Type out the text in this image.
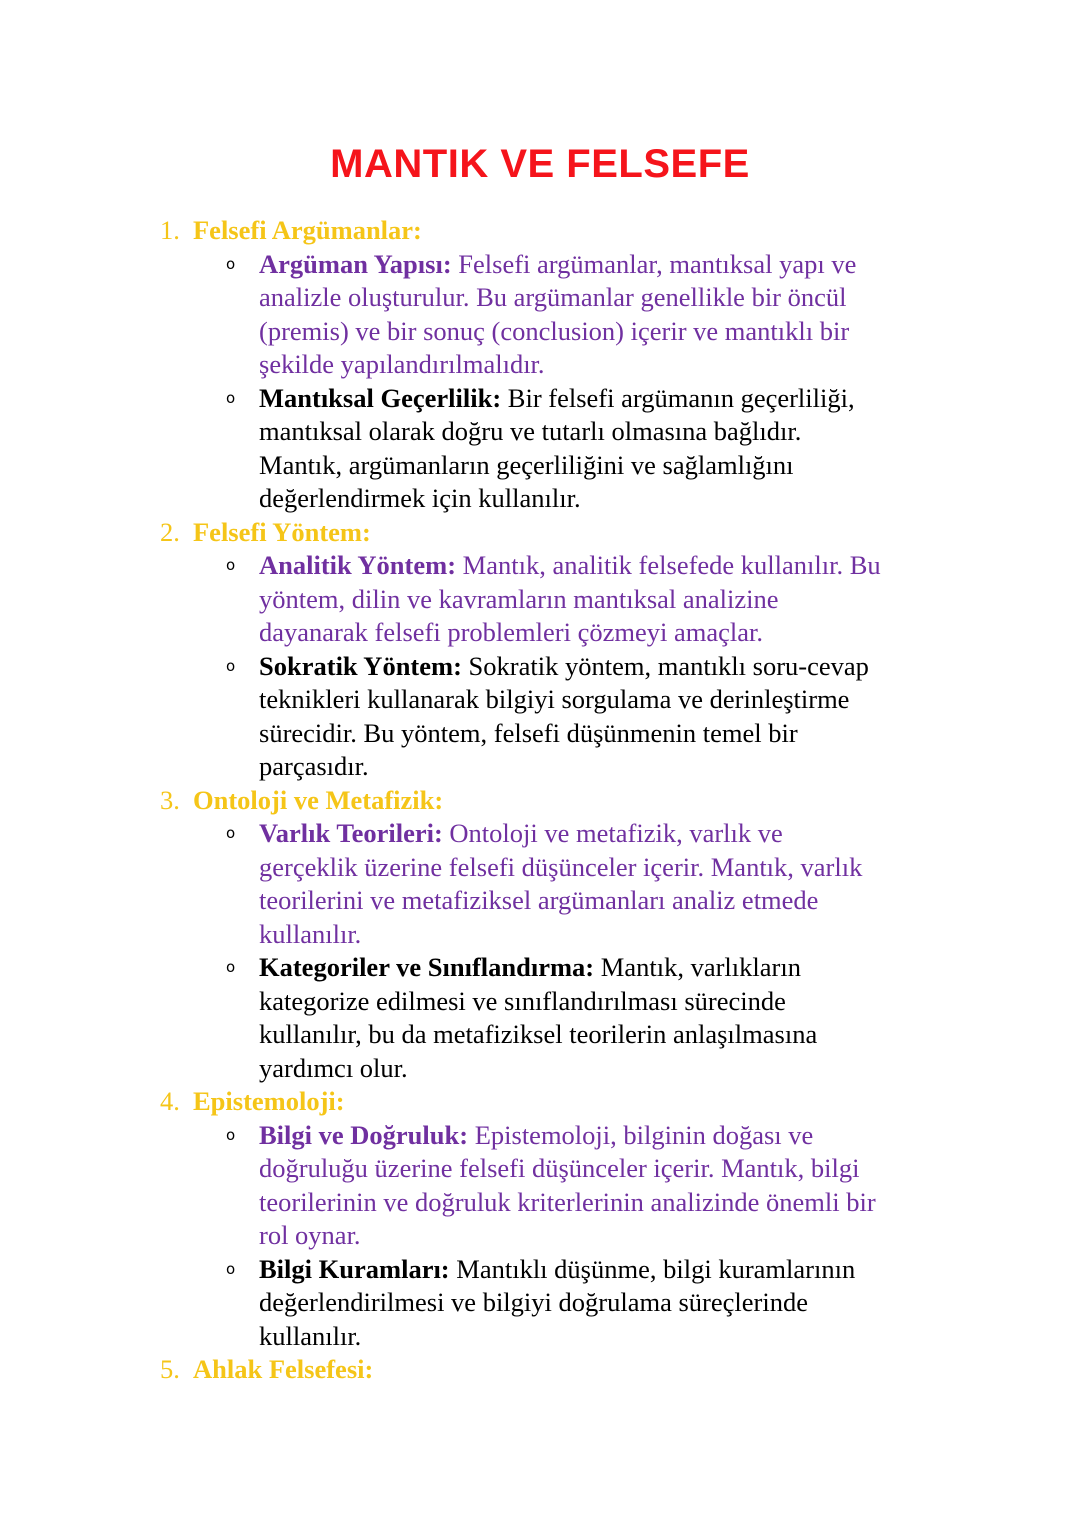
MANTIK VE FELSEFE
1. Felsefi Argümanlar:
o Argüman Yapısı: Felsefi argümanlar, mantıksal yapı ve
analizle oluşturulur. Bu argümanlar genellikle bir öncül
(premis) ve bir sonuç (conclusion) içerir ve mantıklı bir
şekilde yapılandırılmalıdır.
o Mantıksal Geçerlilik: Bir felsefi argümanın geçerliliği,
mantıksal olarak doğru ve tutarlı olmasına bağlıdır.
Mantık, argümanların geçerliliğini ve sağlamlığını
değerlendirmek için kullanılır.
2. Felsefi Yöntem:
o Analitik Yöntem: Mantık, analitik felsefede kullanılır. Bu
yöntem, dilin ve kavramların mantıksal analizine
dayanarak felsefi problemleri çözmeyi amaçlar.
o Sokratik Yöntem: Sokratik yöntem, mantıklı soru-cevap
teknikleri kullanarak bilgiyi sorgulama ve derinleştirme
sürecidir. Bu yöntem, felsefi düşünmenin temel bir
parçasıdır.
3. Ontoloji ve Metafizik:
o Varlık Teorileri: Ontoloji ve metafizik, varlık ve
gerçeklik üzerine felsefi düşünceler içerir. Mantık, varlık
teorilerini ve metafiziksel argümanları analiz etmede
kullanılır.
o Kategoriler ve Sınıflandırma: Mantık, varlıkların
kategorize edilmesi ve sınıflandırılması sürecinde
kullanılır, bu da metafiziksel teorilerin anlaşılmasına
yardımcı olur.
4. Epistemoloji:
o Bilgi ve Doğruluk: Epistemoloji, bilginin doğası ve
doğruluğu üzerine felsefi düşünceler içerir. Mantık, bilgi
teorilerinin ve doğruluk kriterlerinin analizinde önemli bir
rol oynar.
o Bilgi Kuramları: Mantıklı düşünme, bilgi kuramlarının
değerlendirilmesi ve bilgiyi doğrulama süreçlerinde
kullanılır.
5. Ahlak Felsefesi:
